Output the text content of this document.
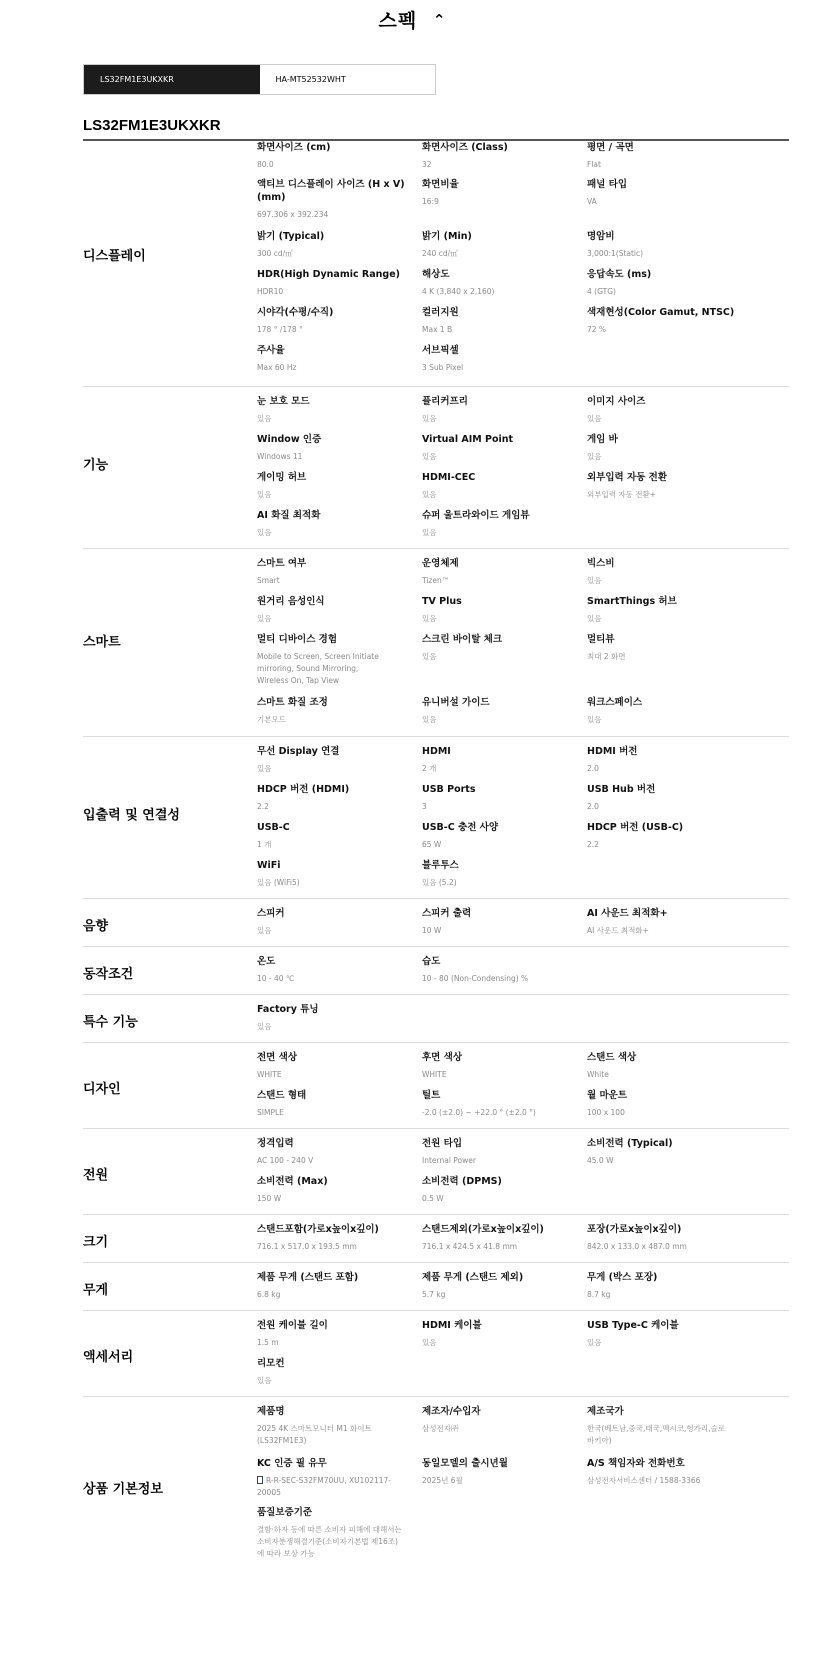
스펙 ⌃
LS32FM1E3UKXKR	HA-MT52532WHT
LS32FM1E3UKXKR
디스플레이
화면사이즈 (cm)
80.0
화면사이즈 (Class)
32
평면 / 곡면
Flat
액티브 디스플레이 사이즈 (H x V) (mm)
697.306 x 392.234
화면비율
16:9
패널 타입
VA
밝기 (Typical)
300 cd/㎡
밝기 (Min)
240 cd/㎡
명암비
3,000:1(Static)
HDR(High Dynamic Range)
HDR10
해상도
4 K (3,840 x 2,160)
응답속도 (ms)
4 (GTG)
시야각(수평/수직)
178 ° /178 °
컬러지원
Max 1 B
색재현성(Color Gamut, NTSC)
72 %
주사율
Max 60 Hz
서브픽셀
3 Sub Pixel
기능
눈 보호 모드
있음
플리커프리
있음
이미지 사이즈
있음
Window 인증
Windows 11
Virtual AIM Point
있음
게임 바
있음
게이밍 허브
있음
HDMI-CEC
있음
외부입력 자동 전환
외부입력 자동 전환+
AI 화질 최적화
있음
슈퍼 울트라와이드 게임뷰
있음
스마트
스마트 여부
Smart
운영체제
Tizen™
빅스비
있음
원거리 음성인식
있음
TV Plus
있음
SmartThings 허브
있음
멀티 디바이스 경험
Mobile to Screen, Screen Initiate mirroring, Sound Mirroring, Wireless On, Tap View
스크린 바이탈 체크
있음
멀티뷰
최대 2 화면
스마트 화질 조정
기본모드
유니버설 가이드
있음
워크스페이스
있음
입출력 및 연결성
무선 Display 연결
있음
HDMI
2 개
HDMI 버전
2.0
HDCP 버전 (HDMI)
2.2
USB Ports
3
USB Hub 버전
2.0
USB-C
1 개
USB-C 충전 사양
65 W
HDCP 버전 (USB-C)
2.2
WiFi
있음 (WiFi5)
블루투스
있음 (5.2)
음향
스피커
있음
스피커 출력
10 W
AI 사운드 최적화+
AI 사운드 최적화+
동작조건
온도
10 - 40 ℃
습도
10 - 80 (Non-Condensing) %
특수 기능
Factory 튜닝
있음
디자인
전면 색상
WHITE
후면 색상
WHITE
스탠드 색상
White
스탠드 형태
SIMPLE
틸트
-2.0 (±2.0) ~ +22.0 ° (±2.0 °)
월 마운트
100 x 100
전원
정격입력
AC 100 - 240 V
전원 타입
Internal Power
소비전력 (Typical)
45.0 W
소비전력 (Max)
150 W
소비전력 (DPMS)
0.5 W
크기
스탠드포함(가로x높이x깊이)
716.1 x 517.0 x 193.5 mm
스탠드제외(가로x높이x깊이)
716.1 x 424.5 x 41.8 mm
포장(가로x높이x깊이)
842.0 x 133.0 x 487.0 mm
무게
제품 무게 (스탠드 포함)
6.8 kg
제품 무게 (스탠드 제외)
5.7 kg
무게 (박스 포장)
8.7 kg
액세서리
전원 케이블 길이
1.5 m
HDMI 케이블
있음
USB Type-C 케이블
있음
리모컨
있음
상품 기본정보
제품명
2025 4K 스마트모니터 M1 화이트 (LS32FM1E3)
제조자/수입자
삼성전자㈜
제조국가
한국(베트남,중국,태국,멕시코,헝가리,슬로바키아)
KC 인증 필 유무
R-R-SEC-S32FM70UU, XU102117-20005
동일모델의 출시년월
2025년 6월
A/S 책임자와 전화번호
삼성전자서비스센터 / 1588-3366
품질보증기준
결함·하자 등에 따른 소비자 피해에 대해서는 소비자분쟁해결기준(소비자기본법 제16조)에 따라 보상 가능
